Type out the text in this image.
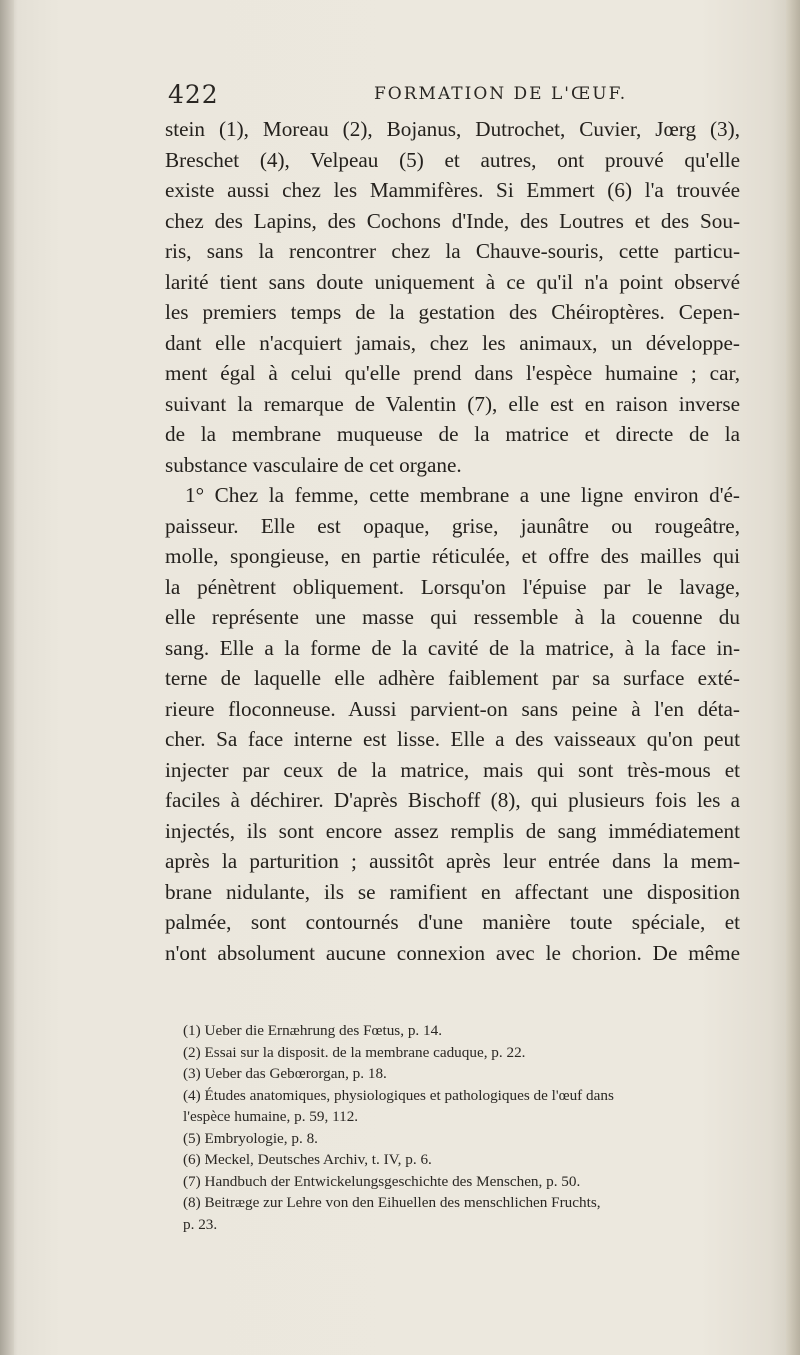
422	FORMATION DE L'ŒUF.
stein (1), Moreau (2), Bojanus, Dutrochet, Cuvier, Jœrg (3),
Breschet (4), Velpeau (5) et autres, ont prouvé qu'elle
existe aussi chez les Mammifères. Si Emmert (6) l'a trouvée
chez des Lapins, des Cochons d'Inde, des Loutres et des Sou-
ris, sans la rencontrer chez la Chauve-souris, cette particu-
larité tient sans doute uniquement à ce qu'il n'a point observé
les premiers temps de la gestation des Chéiroptères. Cepen-
dant elle n'acquiert jamais, chez les animaux, un développe-
ment égal à celui qu'elle prend dans l'espèce humaine ; car,
suivant la remarque de Valentin (7), elle est en raison inverse
de la membrane muqueuse de la matrice et directe de la
substance vasculaire de cet organe.
1° Chez la femme, cette membrane a une ligne environ d'é-
paisseur. Elle est opaque, grise, jaunâtre ou rougeâtre,
molle, spongieuse, en partie réticulée, et offre des mailles qui
la pénètrent obliquement. Lorsqu'on l'épuise par le lavage,
elle représente une masse qui ressemble à la couenne du
sang. Elle a la forme de la cavité de la matrice, à la face in-
terne de laquelle elle adhère faiblement par sa surface exté-
rieure floconneuse. Aussi parvient-on sans peine à l'en déta-
cher. Sa face interne est lisse. Elle a des vaisseaux qu'on peut
injecter par ceux de la matrice, mais qui sont très-mous et
faciles à déchirer. D'après Bischoff (8), qui plusieurs fois les a
injectés, ils sont encore assez remplis de sang immédiatement
après la parturition ; aussitôt après leur entrée dans la mem-
brane nidulante, ils se ramifient en affectant une disposition
palmée, sont contournés d'une manière toute spéciale, et
n'ont absolument aucune connexion avec le chorion. De même
(1) Ueber die Ernæhrung des Fœtus, p. 14.
(2) Essai sur la disposit. de la membrane caduque, p. 22.
(3) Ueber das Gebœrorgan, p. 18.
(4) Études anatomiques, physiologiques et pathologiques de l'œuf dans
l'espèce humaine, p. 59, 112.
(5) Embryologie, p. 8.
(6) Meckel, Deutsches Archiv, t. IV, p. 6.
(7) Handbuch der Entwickelungsgeschichte des Menschen, p. 50.
(8) Beitræge zur Lehre von den Eihuellen des menschlichen Fruchts,
p. 23.
